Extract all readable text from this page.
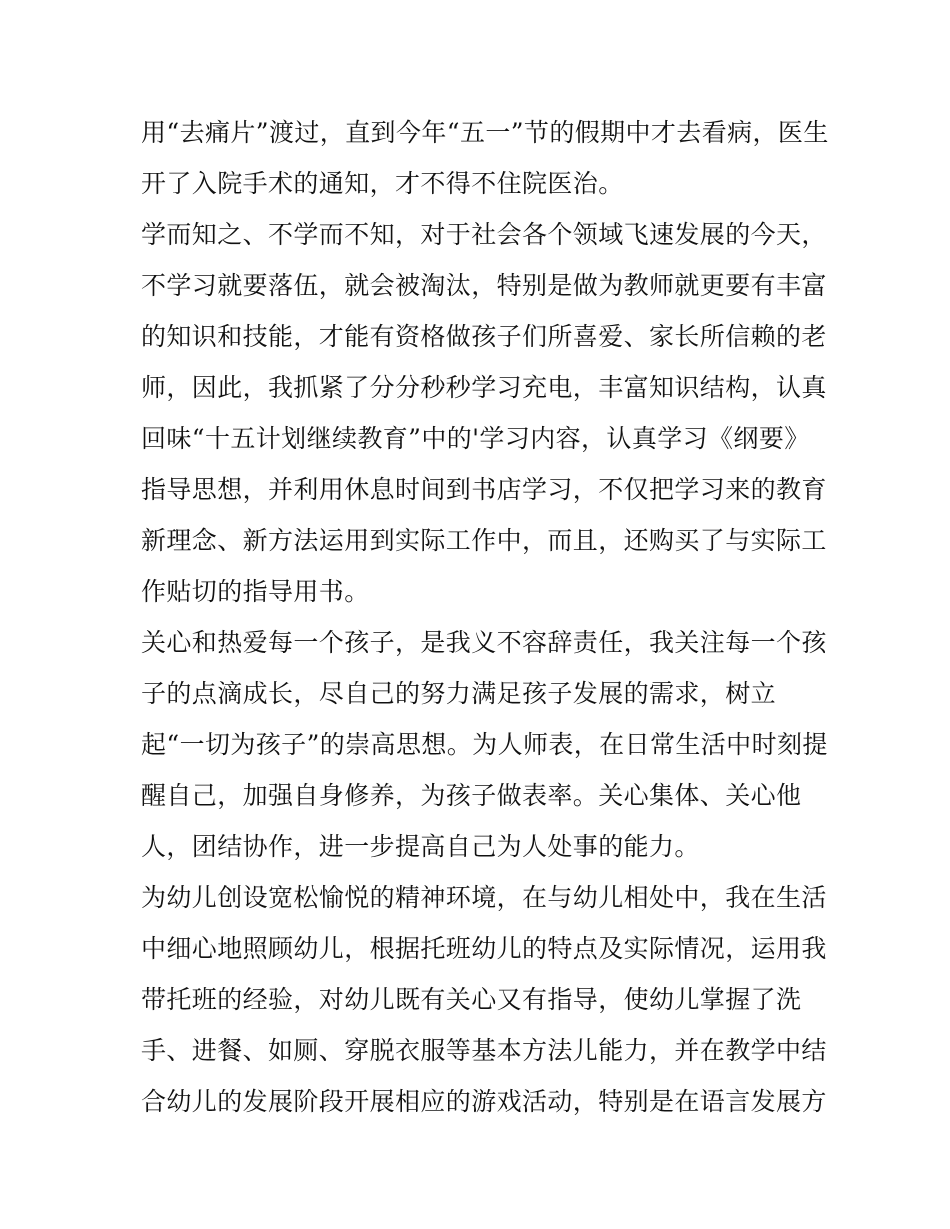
用“去痛片”渡过，直到今年“五一”节的假期中才去看病，医生
开了入院手术的通知，才不得不住院医治。
学而知之、不学而不知，对于社会各个领域飞速发展的今天，
不学习就要落伍，就会被淘汰，特别是做为教师就更要有丰富
的知识和技能，才能有资格做孩子们所喜爱、家长所信赖的老
师，因此，我抓紧了分分秒秒学习充电，丰富知识结构，认真
回味“十五计划继续教育”中的'学习内容，认真学习《纲要》
指导思想，并利用休息时间到书店学习，不仅把学习来的教育
新理念、新方法运用到实际工作中，而且，还购买了与实际工
作贴切的指导用书。
关心和热爱每一个孩子，是我义不容辞责任，我关注每一个孩
子的点滴成长，尽自己的努力满足孩子发展的需求，树立
起“一切为孩子”的崇高思想。为人师表，在日常生活中时刻提
醒自己，加强自身修养，为孩子做表率。关心集体、关心他
人，团结协作，进一步提高自己为人处事的能力。
为幼儿创设宽松愉悦的精神环境，在与幼儿相处中，我在生活
中细心地照顾幼儿，根据托班幼儿的特点及实际情况，运用我
带托班的经验，对幼儿既有关心又有指导，使幼儿掌握了洗
手、进餐、如厕、穿脱衣服等基本方法儿能力，并在教学中结
合幼儿的发展阶段开展相应的游戏活动，特别是在语言发展方
